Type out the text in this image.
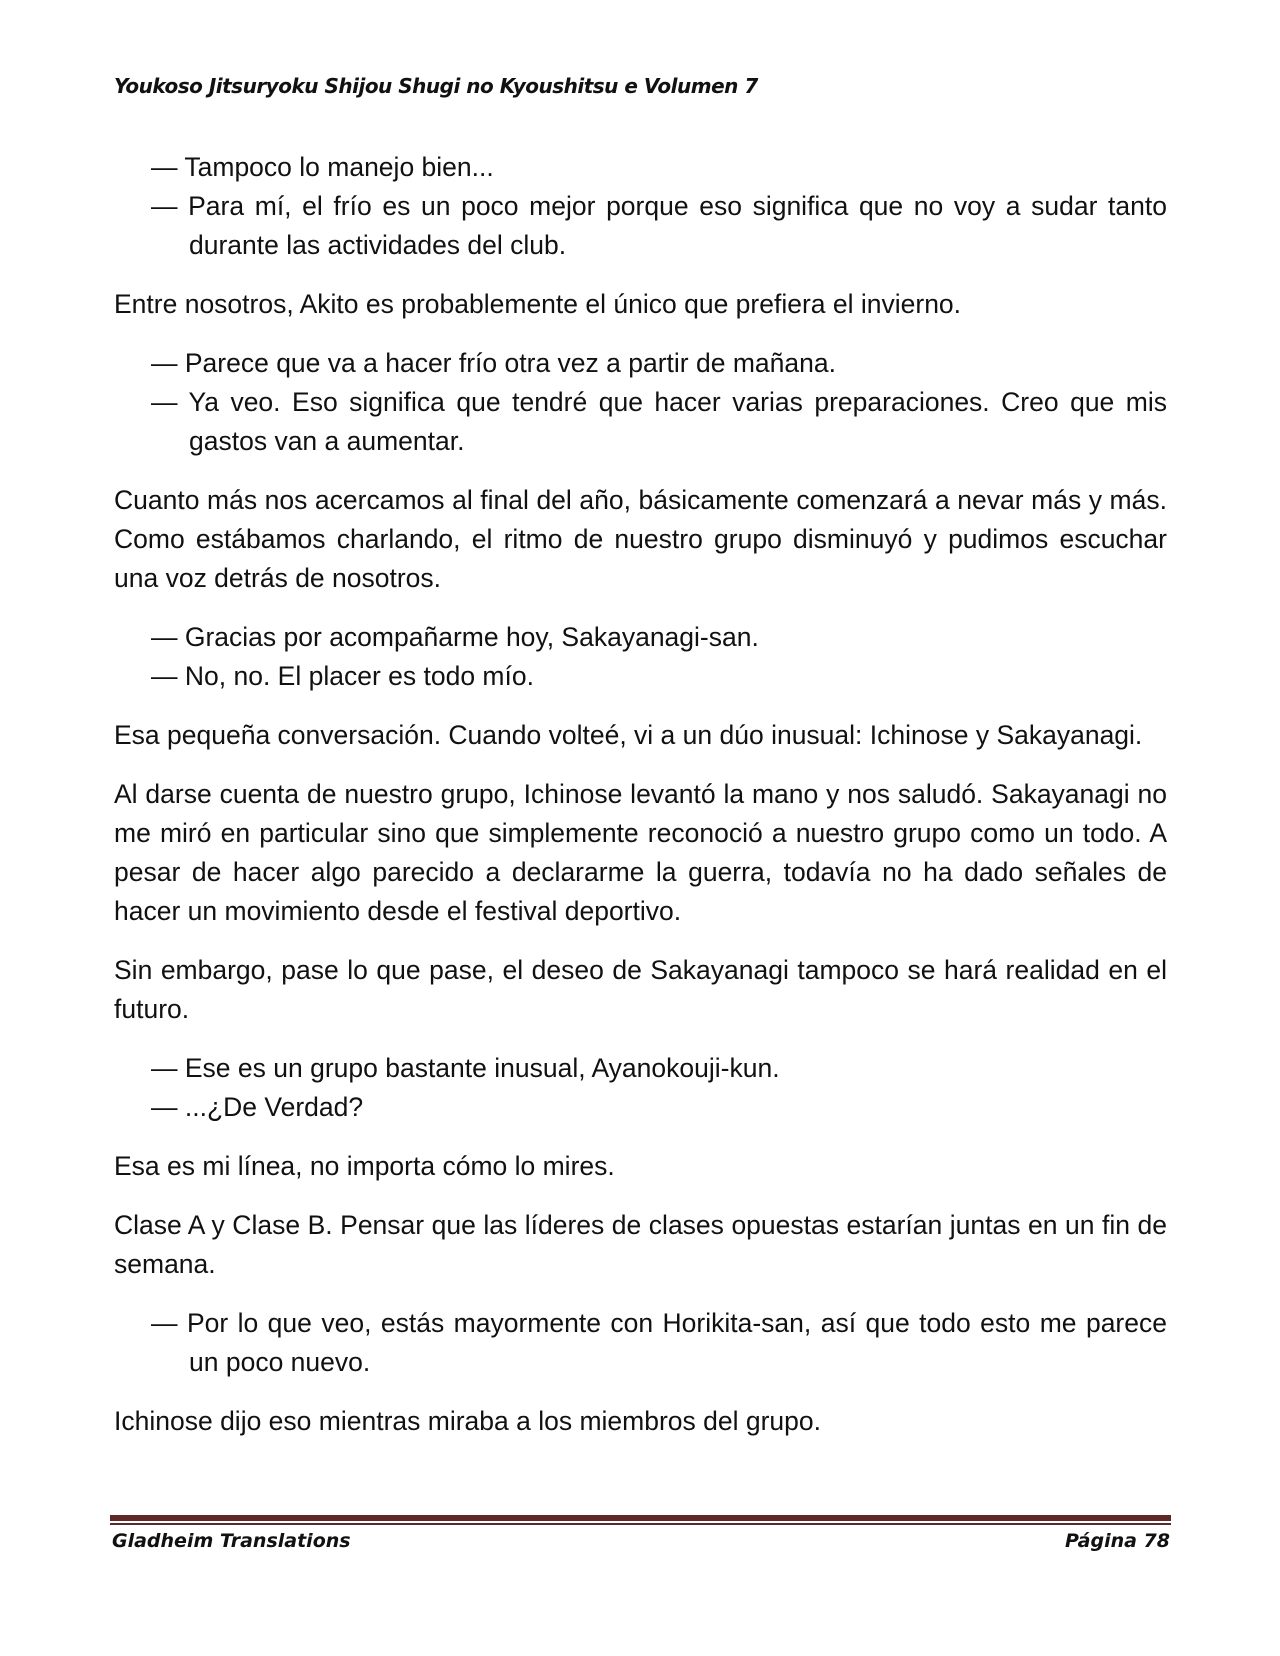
Youkoso Jitsuryoku Shijou Shugi no Kyoushitsu e Volumen 7
— Tampoco lo manejo bien...
— Para mí, el frío es un poco mejor porque eso significa que no voy a sudar tanto durante las actividades del club.

Entre nosotros, Akito es probablemente el único que prefiera el invierno.

— Parece que va a hacer frío otra vez a partir de mañana.
— Ya veo. Eso significa que tendré que hacer varias preparaciones. Creo que mis gastos van a aumentar.

Cuanto más nos acercamos al final del año, básicamente comenzará a nevar más y más. Como estábamos charlando, el ritmo de nuestro grupo disminuyó y pudimos escuchar una voz detrás de nosotros.

— Gracias por acompañarme hoy, Sakayanagi-san.
— No, no. El placer es todo mío.

Esa pequeña conversación. Cuando volteé, vi a un dúo inusual: Ichinose y Sakayanagi.

Al darse cuenta de nuestro grupo, Ichinose levantó la mano y nos saludó. Sakayanagi no me miró en particular sino que simplemente reconoció a nuestro grupo como un todo. A pesar de hacer algo parecido a declararme la guerra, todavía no ha dado señales de hacer un movimiento desde el festival deportivo.

Sin embargo, pase lo que pase, el deseo de Sakayanagi tampoco se hará realidad en el futuro.

— Ese es un grupo bastante inusual, Ayanokouji-kun.
— ...¿De Verdad?

Esa es mi línea, no importa cómo lo mires.

Clase A y Clase B. Pensar que las líderes de clases opuestas estarían juntas en un fin de semana.

— Por lo que veo, estás mayormente con Horikita-san, así que todo esto me parece un poco nuevo.

Ichinose dijo eso mientras miraba a los miembros del grupo.

Gladheim Translations	Página 78
